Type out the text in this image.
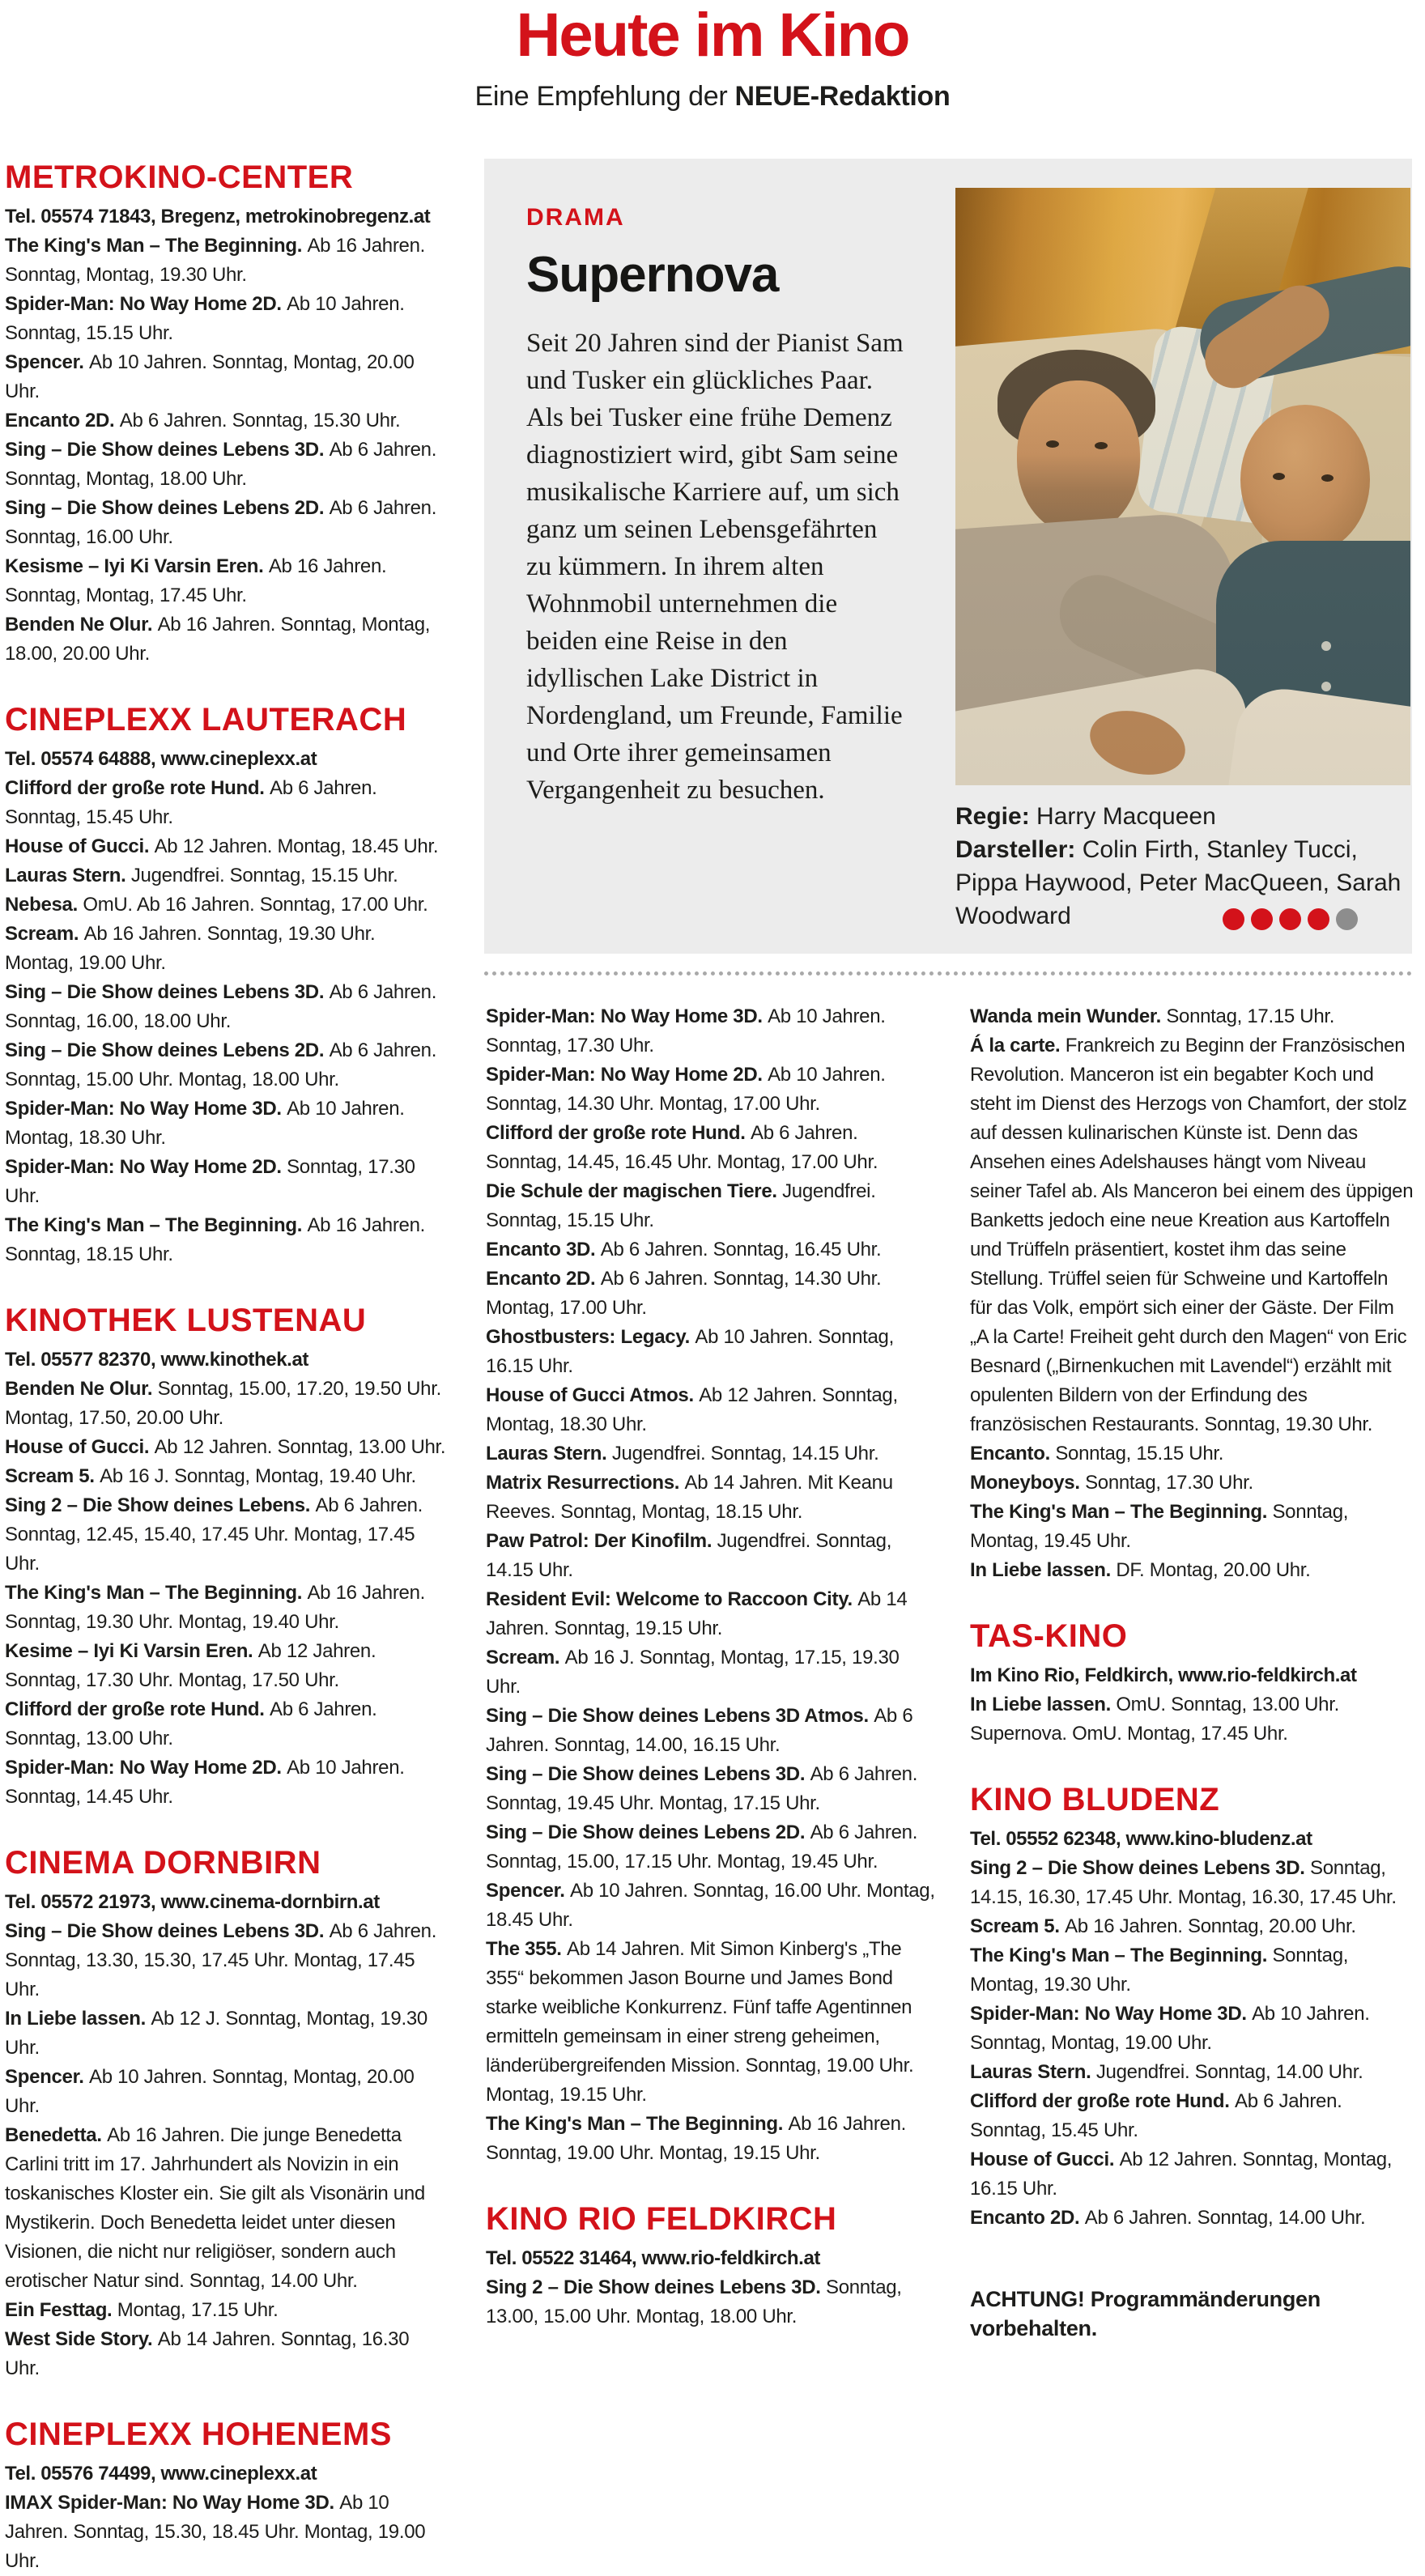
Heute im Kino

Eine Empfehlung der NEUE-Redaktion

DRAMA
Supernova

Seit 20 Jahren sind der Pianist Sam und Tusker ein glückliches Paar. Als bei Tusker eine frühe Demenz diagnostiziert wird, gibt Sam seine musikalische Karriere auf, um sich ganz um seinen Lebensgefährten zu kümmern. In ihrem alten Wohnmobil unternehmen die beiden eine Reise in den idyllischen Lake District in Nordengland, um Freunde, Familie und Orte ihrer gemeinsamen Vergangenheit zu besuchen.

Regie: Harry Macqueen
Darsteller: Colin Firth, Stanley Tucci, Pippa Haywood, Peter MacQueen, Sarah Woodward

METROKINO-CENTER

Tel. 05574 71843, Bregenz, metrokinobregenz.at

The King's Man – The Beginning. Ab 16 Jahren. Sonntag, Montag, 19.30 Uhr.

Spider-Man: No Way Home 2D. Ab 10 Jahren. Sonntag, 15.15 Uhr.

Spencer. Ab 10 Jahren. Sonntag, Montag, 20.00 Uhr.

Encanto 2D. Ab 6 Jahren. Sonntag, 15.30 Uhr.

Sing – Die Show deines Lebens 3D. Ab 6 Jahren. Sonntag, Montag, 18.00 Uhr.

Sing – Die Show deines Lebens 2D. Ab 6 Jahren. Sonntag, 16.00 Uhr.

Kesisme – Iyi Ki Varsin Eren. Ab 16 Jahren. Sonntag, Montag, 17.45 Uhr.

Benden Ne Olur. Ab 16 Jahren. Sonntag, Montag, 18.00, 20.00 Uhr.

CINEPLEXX LAUTERACH

Tel. 05574 64888, www.cineplexx.at

Clifford der große rote Hund. Ab 6 Jahren. Sonntag, 15.45 Uhr.

House of Gucci. Ab 12 Jahren. Montag, 18.45 Uhr.

Lauras Stern. Jugendfrei. Sonntag, 15.15 Uhr.

Nebesa. OmU. Ab 16 Jahren. Sonntag, 17.00 Uhr.

Scream. Ab 16 Jahren. Sonntag, 19.30 Uhr. Montag, 19.00 Uhr.

Sing – Die Show deines Lebens 3D. Ab 6 Jahren. Sonntag, 16.00, 18.00 Uhr.

Sing – Die Show deines Lebens 2D. Ab 6 Jahren. Sonntag, 15.00 Uhr. Montag, 18.00 Uhr.

Spider-Man: No Way Home 3D. Ab 10 Jahren. Montag, 18.30 Uhr.

Spider-Man: No Way Home 2D. Sonntag, 17.30 Uhr.

The King's Man – The Beginning. Ab 16 Jahren. Sonntag, 18.15 Uhr.

KINOTHEK LUSTENAU

Tel. 05577 82370, www.kinothek.at

Benden Ne Olur. Sonntag, 15.00, 17.20, 19.50 Uhr. Montag, 17.50, 20.00 Uhr.

House of Gucci. Ab 12 Jahren. Sonntag, 13.00 Uhr.

Scream 5. Ab 16 J. Sonntag, Montag, 19.40 Uhr.

Sing 2 – Die Show deines Lebens. Ab 6 Jahren. Sonntag, 12.45, 15.40, 17.45 Uhr. Montag, 17.45 Uhr.

The King's Man – The Beginning. Ab 16 Jahren. Sonntag, 19.30 Uhr. Montag, 19.40 Uhr.

Kesime – Iyi Ki Varsin Eren. Ab 12 Jahren. Sonntag, 17.30 Uhr. Montag, 17.50 Uhr.

Clifford der große rote Hund. Ab 6 Jahren. Sonntag, 13.00 Uhr.

Spider-Man: No Way Home 2D. Ab 10 Jahren. Sonntag, 14.45 Uhr.

CINEMA DORNBIRN

Tel. 05572 21973, www.cinema-dornbirn.at

Sing – Die Show deines Lebens 3D. Ab 6 Jahren. Sonntag, 13.30, 15.30, 17.45 Uhr. Montag, 17.45 Uhr.

In Liebe lassen. Ab 12 J. Sonntag, Montag, 19.30 Uhr.

Spencer. Ab 10 Jahren. Sonntag, Montag, 20.00 Uhr.

Benedetta. Ab 16 Jahren. Die junge Benedetta Carlini tritt im 17. Jahrhundert als Novizin in ein toskanisches Kloster ein. Sie gilt als Visonärin und Mystikerin. Doch Benedetta leidet unter diesen Visionen, die nicht nur religiöser, sondern auch erotischer Natur sind. Sonntag, 14.00 Uhr.

Ein Festtag. Montag, 17.15 Uhr.

West Side Story. Ab 14 Jahren. Sonntag, 16.30 Uhr.

CINEPLEXX HOHENEMS

Tel. 05576 74499, www.cineplexx.at

IMAX Spider-Man: No Way Home 3D. Ab 10 Jahren. Sonntag, 15.30, 18.45 Uhr. Montag, 19.00 Uhr.

Spider-Man: No Way Home 3D. Ab 10 Jahren. Sonntag, 17.30 Uhr.

Spider-Man: No Way Home 2D. Ab 10 Jahren. Sonntag, 14.30 Uhr. Montag, 17.00 Uhr.

Clifford der große rote Hund. Ab 6 Jahren. Sonntag, 14.45, 16.45 Uhr. Montag, 17.00 Uhr.

Die Schule der magischen Tiere. Jugendfrei. Sonntag, 15.15 Uhr.

Encanto 3D. Ab 6 Jahren. Sonntag, 16.45 Uhr.

Encanto 2D. Ab 6 Jahren. Sonntag, 14.30 Uhr. Montag, 17.00 Uhr.

Ghostbusters: Legacy. Ab 10 Jahren. Sonntag, 16.15 Uhr.

House of Gucci Atmos. Ab 12 Jahren. Sonntag, Montag, 18.30 Uhr.

Lauras Stern. Jugendfrei. Sonntag, 14.15 Uhr.

Matrix Resurrections. Ab 14 Jahren. Mit Keanu Reeves. Sonntag, Montag, 18.15 Uhr.

Paw Patrol: Der Kinofilm. Jugendfrei. Sonntag, 14.15 Uhr.

Resident Evil: Welcome to Raccoon City. Ab 14 Jahren. Sonntag, 19.15 Uhr.

Scream. Ab 16 J. Sonntag, Montag, 17.15, 19.30 Uhr.

Sing – Die Show deines Lebens 3D Atmos. Ab 6 Jahren. Sonntag, 14.00, 16.15 Uhr.

Sing – Die Show deines Lebens 3D. Ab 6 Jahren. Sonntag, 19.45 Uhr. Montag, 17.15 Uhr.

Sing – Die Show deines Lebens 2D. Ab 6 Jahren. Sonntag, 15.00, 17.15 Uhr. Montag, 19.45 Uhr.

Spencer. Ab 10 Jahren. Sonntag, 16.00 Uhr. Montag, 18.45 Uhr.

The 355. Ab 14 Jahren. Mit Simon Kinberg's „The 355“ bekommen Jason Bourne und James Bond starke weibliche Konkurrenz. Fünf taffe Agentinnen ermitteln gemeinsam in einer streng geheimen, länderübergreifenden Mission. Sonntag, 19.00 Uhr. Montag, 19.15 Uhr.

The King's Man – The Beginning. Ab 16 Jahren. Sonntag, 19.00 Uhr. Montag, 19.15 Uhr.

KINO RIO FELDKIRCH

Tel. 05522 31464, www.rio-feldkirch.at

Sing 2 – Die Show deines Lebens 3D. Sonntag, 13.00, 15.00 Uhr. Montag, 18.00 Uhr.

Wanda mein Wunder. Sonntag, 17.15 Uhr.

Á la carte. Frankreich zu Beginn der Französischen Revolution. Manceron ist ein begabter Koch und steht im Dienst des Herzogs von Chamfort, der stolz auf dessen kulinarischen Künste ist. Denn das Ansehen eines Adelshauses hängt vom Niveau seiner Tafel ab. Als Manceron bei einem des üppigen Banketts jedoch eine neue Kreation aus Kartoffeln und Trüffeln präsentiert, kostet ihm das seine Stellung. Trüffel seien für Schweine und Kartoffeln für das Volk, empört sich einer der Gäste. Der Film „A la Carte! Freiheit geht durch den Magen“ von Eric Besnard („Birnenkuchen mit Lavendel“) erzählt mit opulenten Bildern von der Erfindung des französischen Restaurants. Sonntag, 19.30 Uhr.

Encanto. Sonntag, 15.15 Uhr.

Moneyboys. Sonntag, 17.30 Uhr.

The King's Man – The Beginning. Sonntag, Montag, 19.45 Uhr.

In Liebe lassen. DF. Montag, 20.00 Uhr.

TAS-KINO

Im Kino Rio, Feldkirch, www.rio-feldkirch.at

In Liebe lassen. OmU. Sonntag, 13.00 Uhr.

Supernova. OmU. Montag, 17.45 Uhr.

KINO BLUDENZ

Tel. 05552 62348, www.kino-bludenz.at

Sing 2 – Die Show deines Lebens 3D. Sonntag, 14.15, 16.30, 17.45 Uhr. Montag, 16.30, 17.45 Uhr.

Scream 5. Ab 16 Jahren. Sonntag, 20.00 Uhr.

The King's Man – The Beginning. Sonntag, Montag, 19.30 Uhr.

Spider-Man: No Way Home 3D. Ab 10 Jahren. Sonntag, Montag, 19.00 Uhr.

Lauras Stern. Jugendfrei. Sonntag, 14.00 Uhr.

Clifford der große rote Hund. Ab 6 Jahren. Sonntag, 15.45 Uhr.

House of Gucci. Ab 12 Jahren. Sonntag, Montag, 16.15 Uhr.

Encanto 2D. Ab 6 Jahren. Sonntag, 14.00 Uhr.

ACHTUNG! Programmänderungen vorbehalten.
